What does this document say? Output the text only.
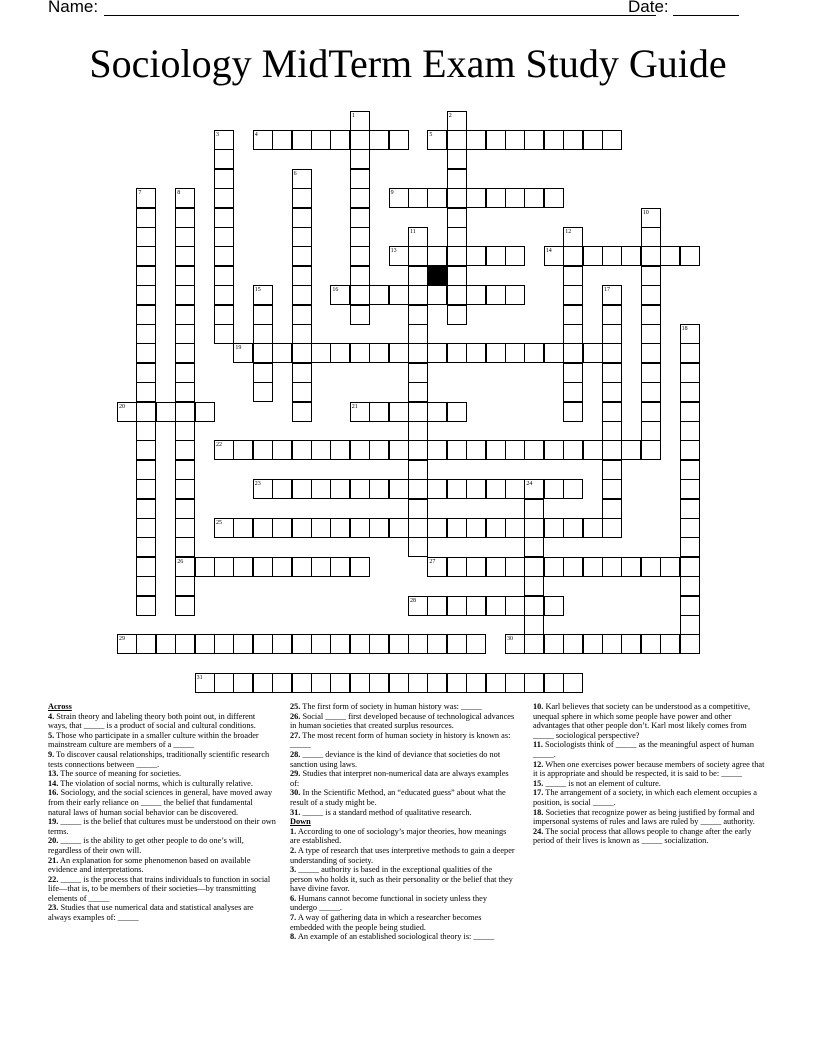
Name:	Date:
Sociology MidTerm Exam Study Guide
1	2
3	4	5
6
7	8	9
10
11	12
13	14
15	16	17
18
19
20	21
22
23	24
25
26	27
28
29	30
31
Across
4. Strain theory and labeling theory both point out, in different ways, that _____ is a product of social and cultural conditions.
5. Those who participate in a smaller culture within the broader mainstream culture are members of a _____
9. To discover causal relationships, traditionally scientific research tests connections between _____.
13. The source of meaning for societies.
14. The violation of social norms, which is culturally relative.
16. Sociology, and the social sciences in general, have moved away from their early reliance on _____ the belief that fundamental natural laws of human social behavior can be discovered.
19. _____ is the belief that cultures must be understood on their own terms.
20. _____ is the ability to get other people to do one’s will, regardless of their own will.
21. An explanation for some phenomenon based on available evidence and interpretations.
22. _____ is the process that trains individuals to function in social life—that is, to be members of their societies—by transmitting elements of _____
23. Studies that use numerical data and statistical analyses are always examples of: _____
25. The first form of society in human history was: _____
26. Social _____ first developed because of technological advances in human societies that created surplus resources.
27. The most recent form of human society in history is known as: _____
28. _____ deviance is the kind of deviance that societies do not sanction using laws.
29. Studies that interpret non-numerical data are always examples of:
30. In the Scientific Method, an “educated guess” about what the result of a study might be.
31. _____ is a standard method of qualitative research.
Down
1. According to one of sociology’s major theories, how meanings are established.
2. A type of research that uses interpretive methods to gain a deeper understanding of society.
3. _____ authority is based in the exceptional qualities of the person who holds it, such as their personality or the belief that they have divine favor.
6. Humans cannot become functional in society unless they undergo _____.
7. A way of gathering data in which a researcher becomes embedded with the people being studied.
8. An example of an established sociological theory is: _____
10. Karl believes that society can be understood as a competitive, unequal sphere in which some people have power and other advantages that other people don’t. Karl most likely comes from _____ sociological perspective?
11. Sociologists think of _____ as the meaningful aspect of human _____.
12. When one exercises power because members of society agree that it is appropriate and should be respected, it is said to be: _____
15. _____ is not an element of culture.
17. The arrangement of a society, in which each element occupies a position, is social _____.
18. Societies that recognize power as being justified by formal and impersonal systems of rules and laws are ruled by _____ authority.
24. The social process that allows people to change after the early period of their lives is known as _____ socialization.
